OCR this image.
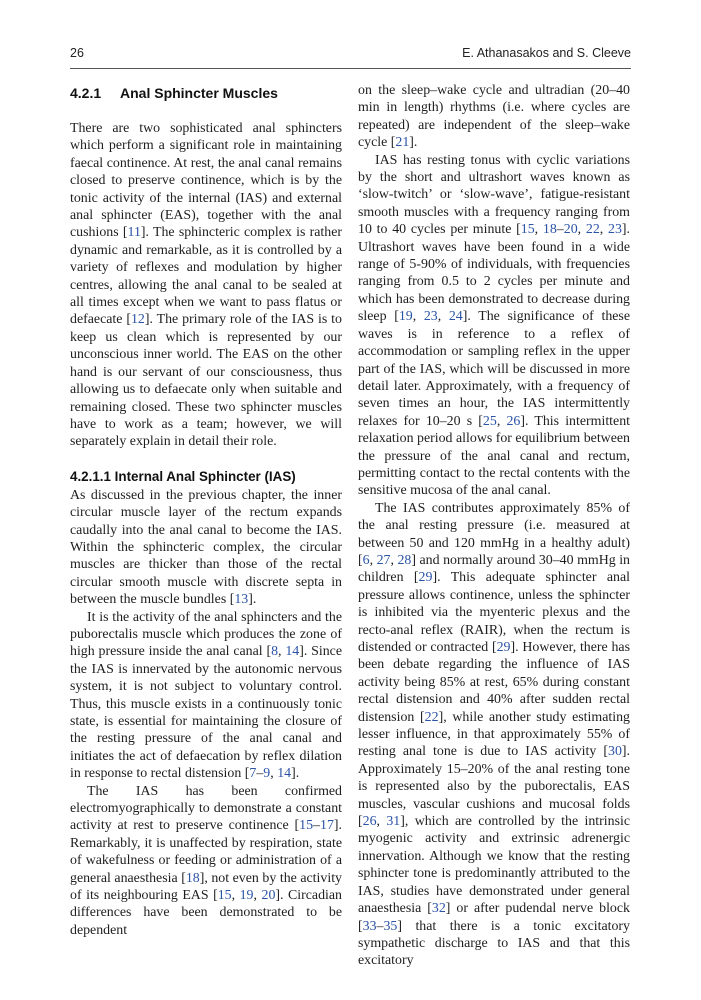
26	E. Athanasakos and S. Cleeve
4.2.1 Anal Sphincter Muscles

There are two sophisticated anal sphincters which perform a significant role in maintaining faecal continence. At rest, the anal canal remains closed to preserve continence, which is by the tonic activity of the internal (IAS) and external anal sphincter (EAS), together with the anal cushions [11]. The sphincteric complex is rather dynamic and remarkable, as it is controlled by a variety of reflexes and modulation by higher centres, allowing the anal canal to be sealed at all times except when we want to pass flatus or defaecate [12]. The primary role of the IAS is to keep us clean which is represented by our unconscious inner world. The EAS on the other hand is our servant of our consciousness, thus allowing us to defaecate only when suitable and remaining closed. These two sphincter muscles have to work as a team; however, we will separately explain in detail their role.

4.2.1.1 Internal Anal Sphincter (IAS)

As discussed in the previous chapter, the inner circular muscle layer of the rectum expands caudally into the anal canal to become the IAS. Within the sphincteric complex, the circular muscles are thicker than those of the rectal circular smooth muscle with discrete septa in between the muscle bundles [13].

It is the activity of the anal sphincters and the puborectalis muscle which produces the zone of high pressure inside the anal canal [8, 14]. Since the IAS is innervated by the autonomic nervous system, it is not subject to voluntary control. Thus, this muscle exists in a continuously tonic state, is essential for maintaining the closure of the resting pressure of the anal canal and initiates the act of defaecation by reflex dilation in response to rectal distension [7–9, 14].

The IAS has been confirmed electromyographically to demonstrate a constant activity at rest to preserve continence [15–17]. Remarkably, it is unaffected by respiration, state of wakefulness or feeding or administration of a general anaesthesia [18], not even by the activity of its neighbouring EAS [15, 19, 20]. Circadian differences have been demonstrated to be dependent

on the sleep–wake cycle and ultradian (20–40 min in length) rhythms (i.e. where cycles are repeated) are independent of the sleep–wake cycle [21].

IAS has resting tonus with cyclic variations by the short and ultrashort waves known as ‘slow-twitch’ or ‘slow-wave’, fatigue-resistant smooth muscles with a frequency ranging from 10 to 40 cycles per minute [15, 18–20, 22, 23]. Ultrashort waves have been found in a wide range of 5-90% of individuals, with frequencies ranging from 0.5 to 2 cycles per minute and which has been demonstrated to decrease during sleep [19, 23, 24]. The significance of these waves is in reference to a reflex of accommodation or sampling reflex in the upper part of the IAS, which will be discussed in more detail later. Approximately, with a frequency of seven times an hour, the IAS intermittently relaxes for 10–20 s [25, 26]. This intermittent relaxation period allows for equilibrium between the pressure of the anal canal and rectum, permitting contact to the rectal contents with the sensitive mucosa of the anal canal.

The IAS contributes approximately 85% of the anal resting pressure (i.e. measured at between 50 and 120 mmHg in a healthy adult) [6, 27, 28] and normally around 30–40 mmHg in children [29]. This adequate sphincter anal pressure allows continence, unless the sphincter is inhibited via the myenteric plexus and the recto-anal reflex (RAIR), when the rectum is distended or contracted [29]. However, there has been debate regarding the influence of IAS activity being 85% at rest, 65% during constant rectal distension and 40% after sudden rectal distension [22], while another study estimating lesser influence, in that approximately 55% of resting anal tone is due to IAS activity [30]. Approximately 15–20% of the anal resting tone is represented also by the puborectalis, EAS muscles, vascular cushions and mucosal folds [26, 31], which are controlled by the intrinsic myogenic activity and extrinsic adrenergic innervation. Although we know that the resting sphincter tone is predominantly attributed to the IAS, studies have demonstrated under general anaesthesia [32] or after pudendal nerve block [33–35] that there is a tonic excitatory sympathetic discharge to IAS and that this excitatory
